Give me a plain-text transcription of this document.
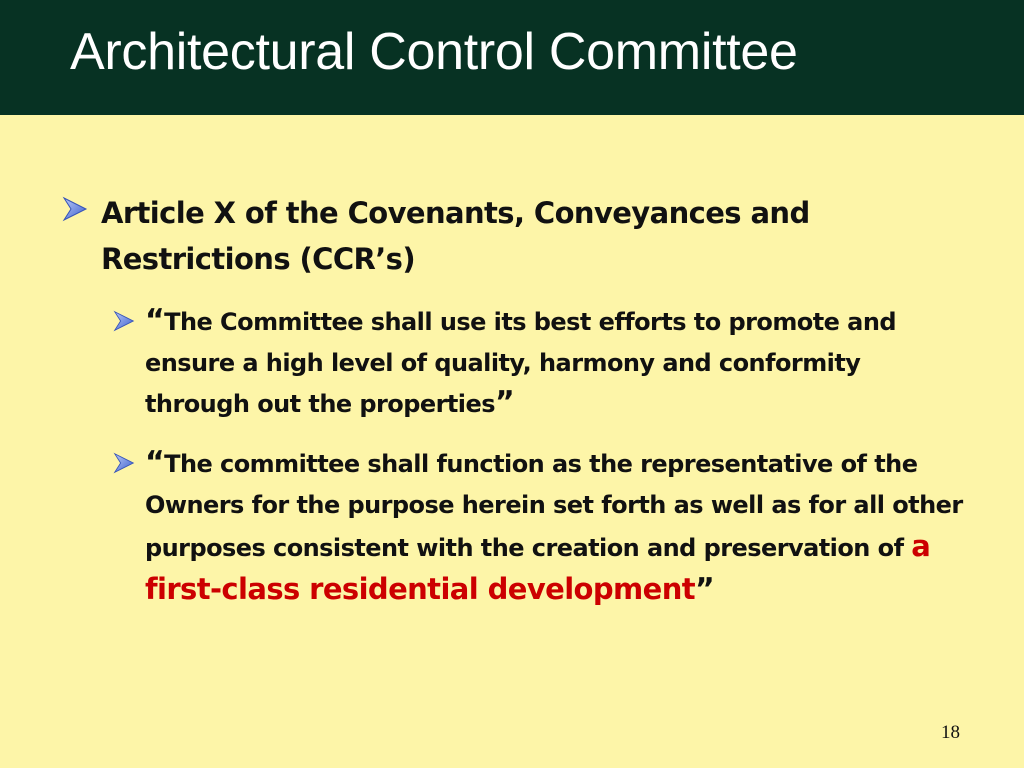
Architectural Control Committee
Article X of the Covenants, Conveyances and Restrictions (CCR’s)
“The Committee shall use its best efforts to promote and ensure a high level of quality, harmony and conformity through out the properties”
“The committee shall function as the representative of the Owners for the purpose herein set forth as well as for all other purposes consistent with the creation and preservation of a first-class residential development”
18
